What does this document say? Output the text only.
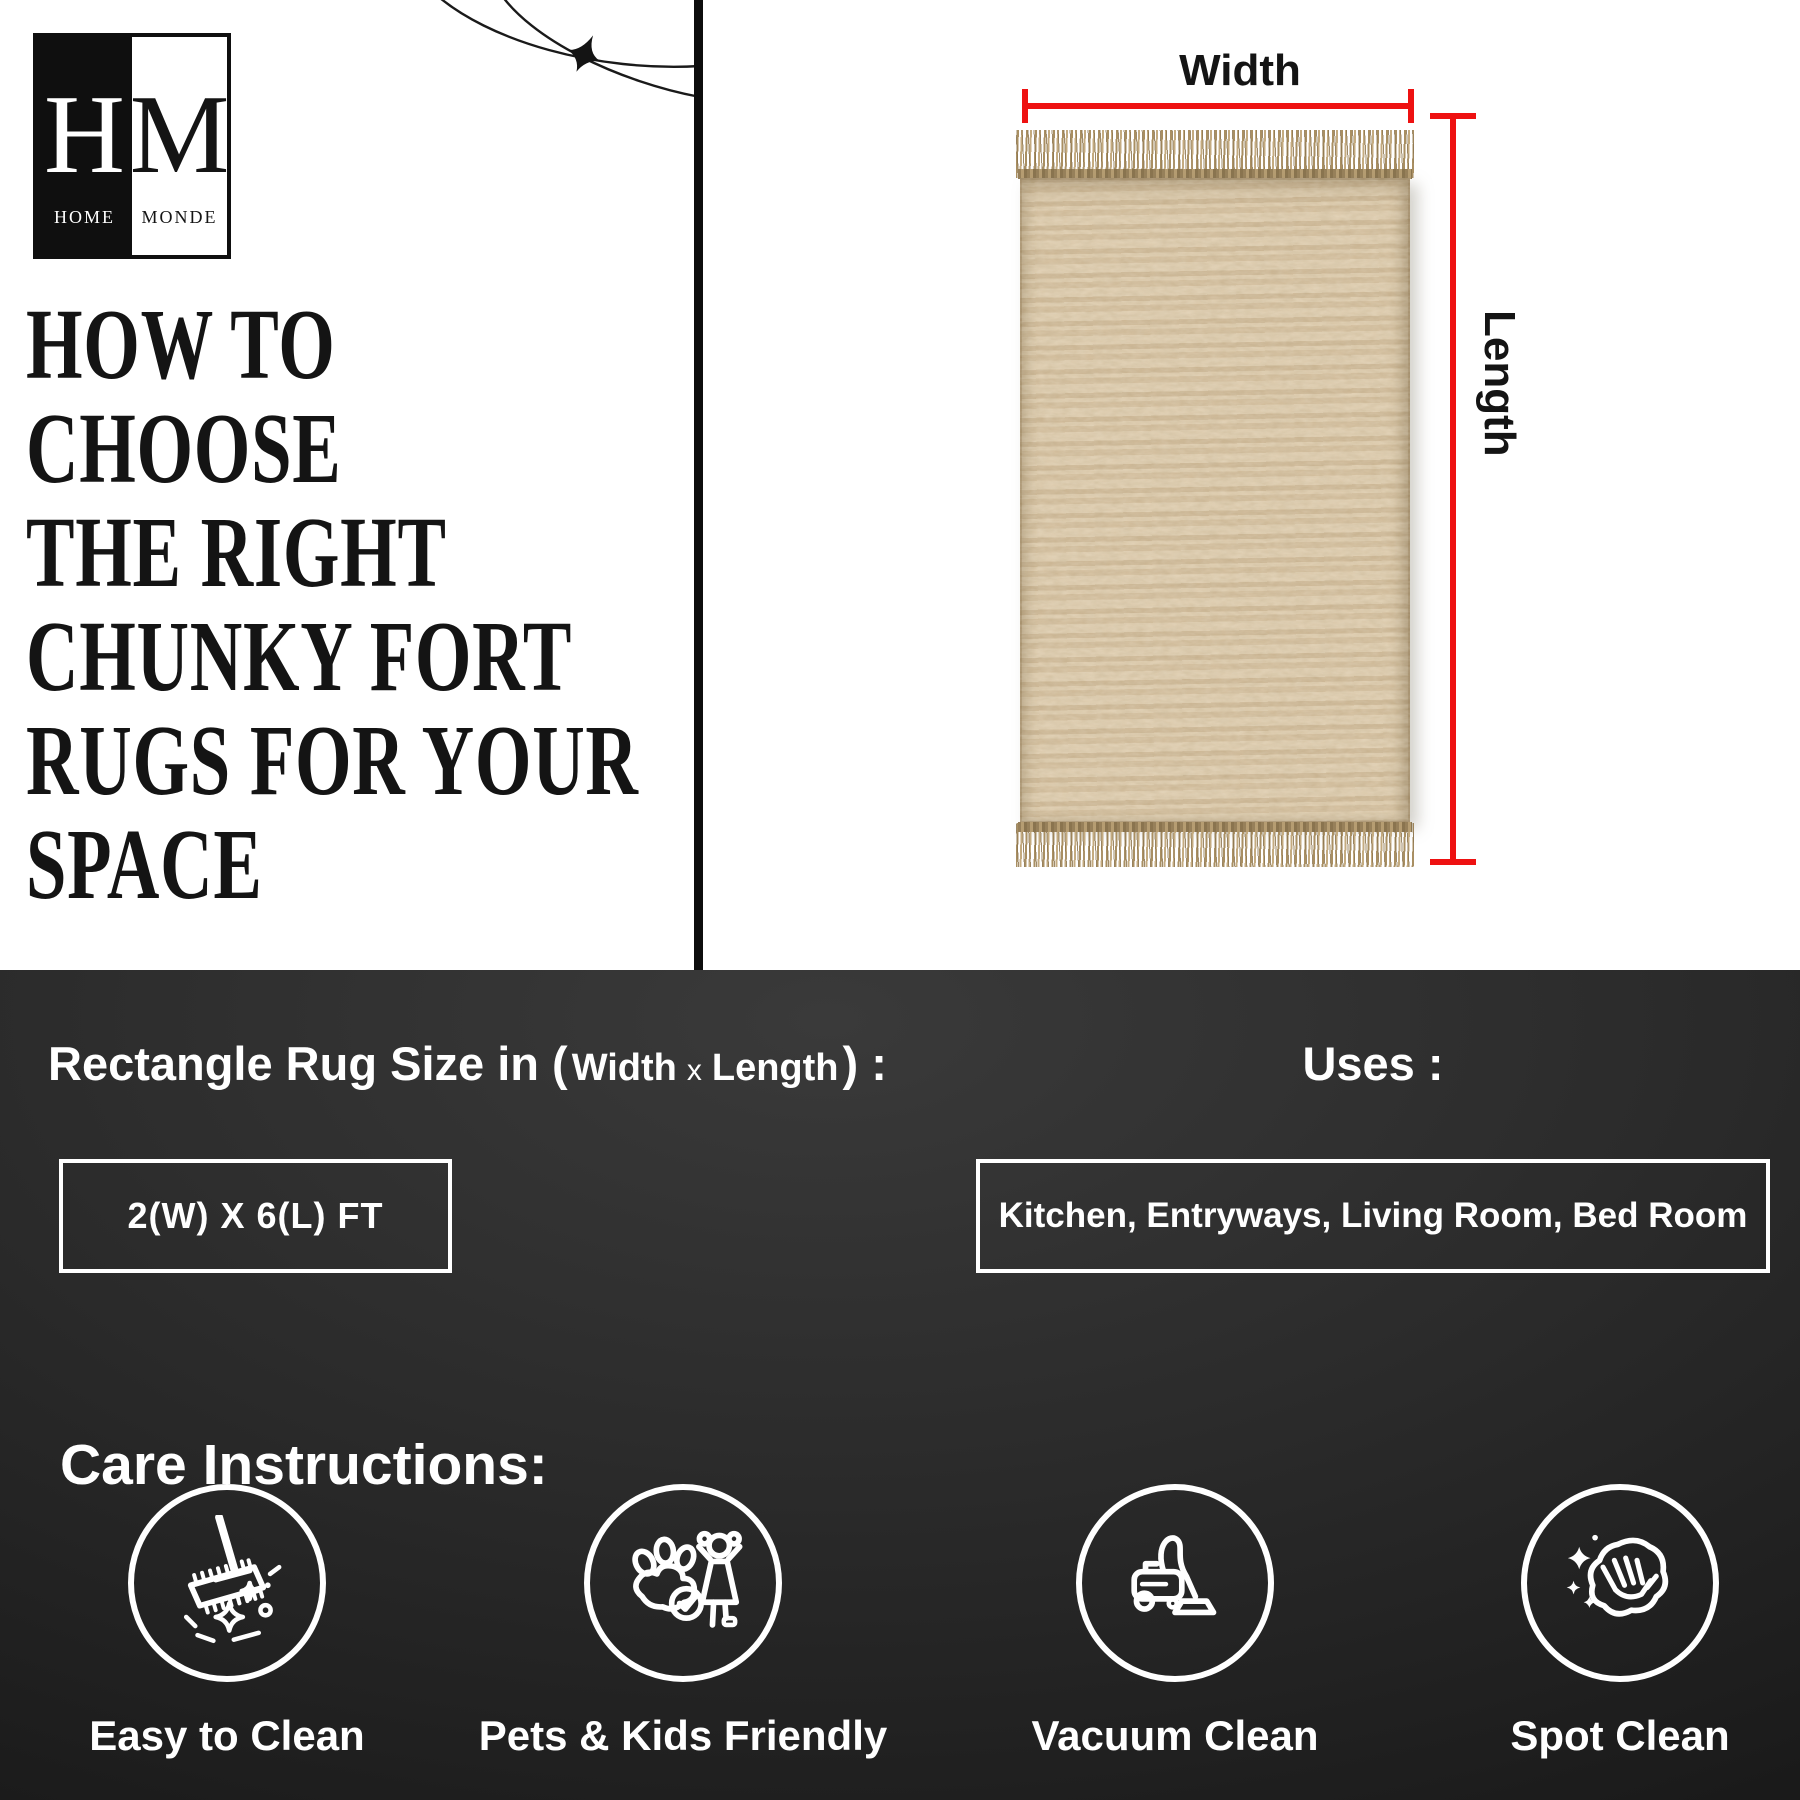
H
HOME
M
MONDE
HOW TO
CHOOSE
THE RIGHT
CHUNKY FORT
RUGS FOR YOUR
SPACE
Width
Length
Rectangle Rug Size in ( Width x Length ) :	Uses :
2(W) X 6(L) FT	Kitchen, Entryways, Living Room, Bed Room
Care Instructions:
Easy to Clean	Pets & Kids Friendly	Vacuum Clean	Spot Clean
